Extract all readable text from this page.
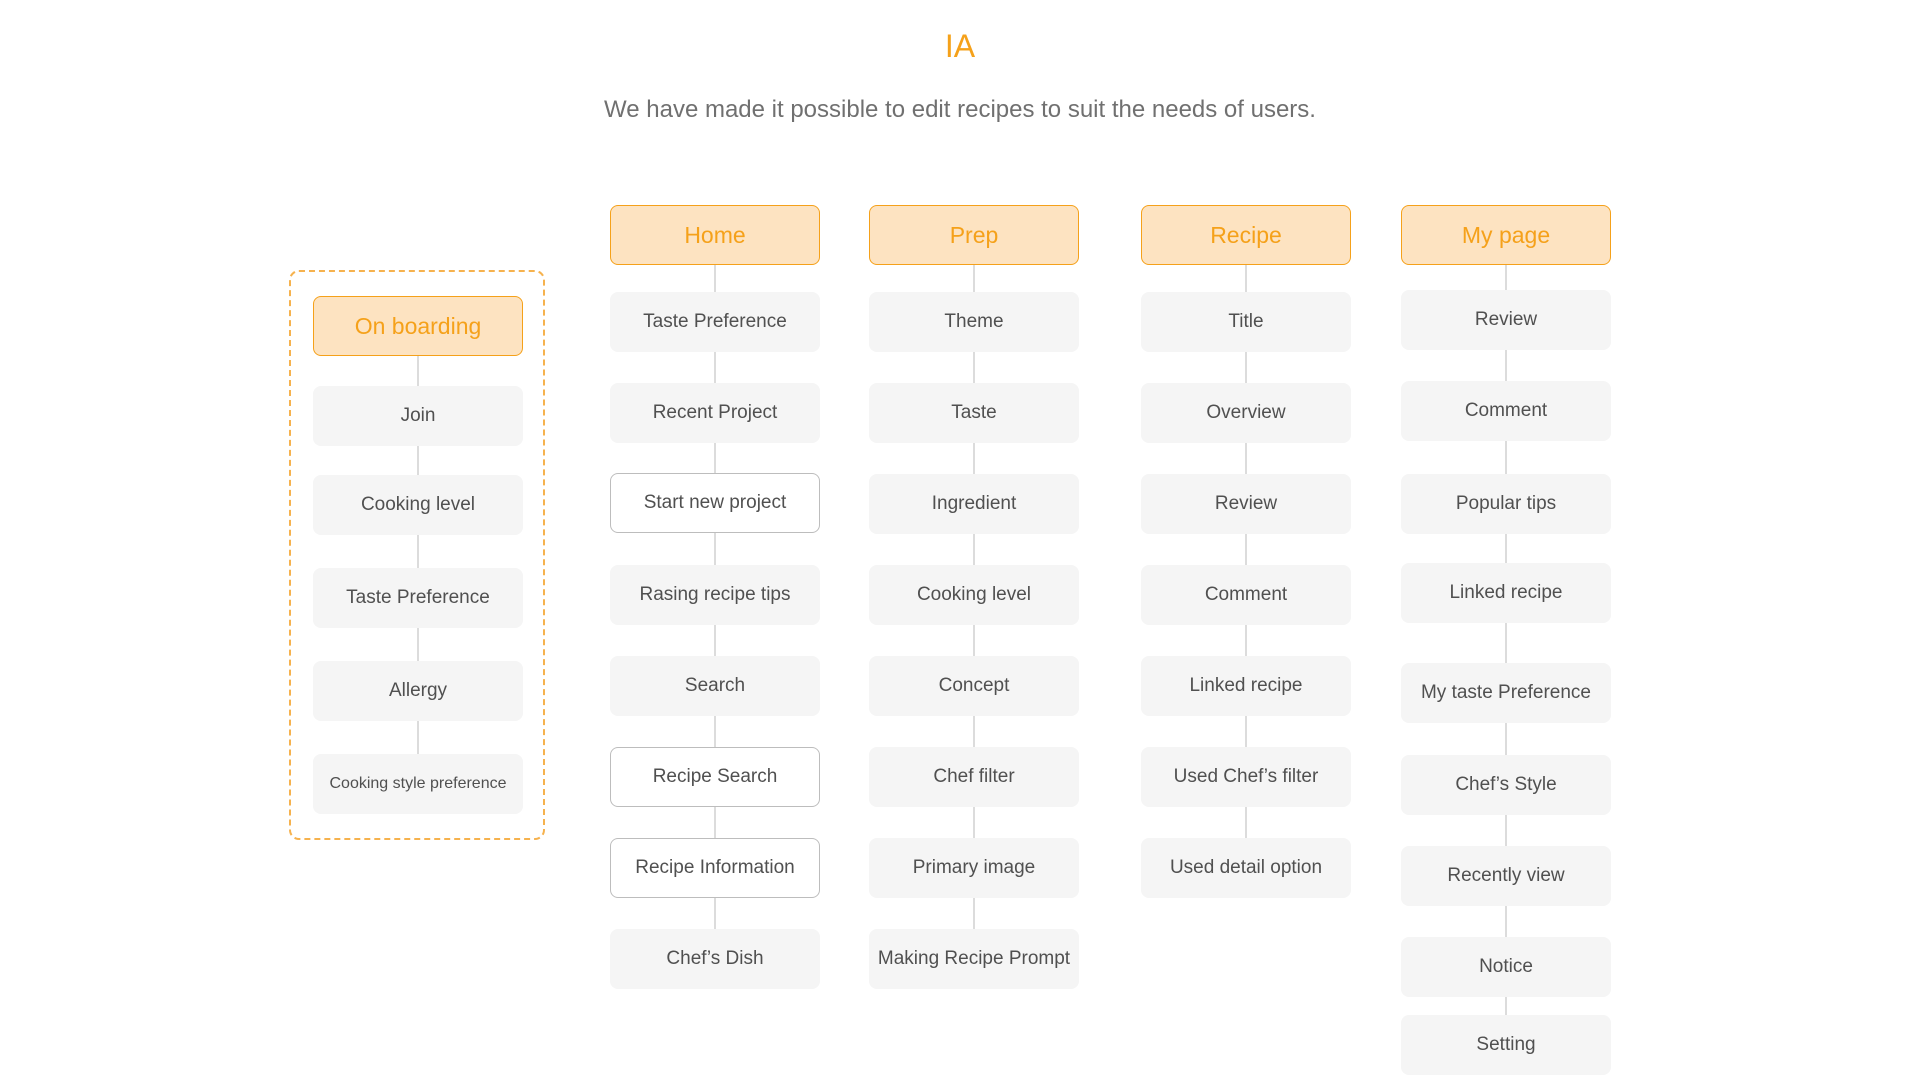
IA
We have made it possible to edit recipes to suit the needs of users.
On boarding
Join
Cooking level
Taste Preference
Allergy
Cooking style preference
Home
Taste Preference
Recent Project
Start new project
Rasing recipe tips
Search
Recipe Search
Recipe Information
Chef’s Dish
Prep
Theme
Taste
Ingredient
Cooking level
Concept
Chef filter
Primary image
Making Recipe Prompt
Recipe
Title
Overview
Review
Comment
Linked recipe
Used Chef’s filter
Used detail option
My page
Review
Comment
Popular tips
Linked recipe
My taste Preference
Chef’s Style
Recently view
Notice
Setting
